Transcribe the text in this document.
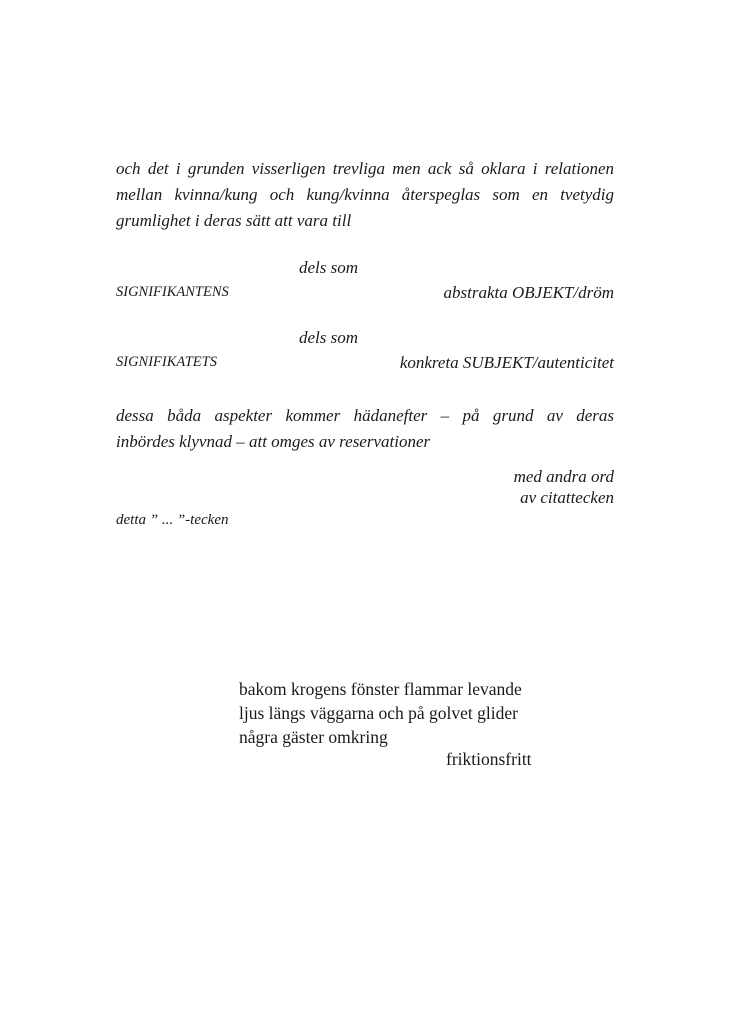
och det i grunden visserligen trevliga men ack så oklara i relationen
mellan kvinna/kung och kung/kvinna återspeglas som en tvetydig
grumlighet i deras sätt att vara till
dels som
SIGNIFIKANTENS	abstrakta OBJEKT/dröm
dels som
SIGNIFIKATETS	konkreta SUBJEKT/autenticitet
dessa båda aspekter kommer hädanefter – på grund av deras
inbördes klyvnad – att omges av reservationer
med andra ord
av citattecken
detta ” ... ”-tecken
bakom krogens fönster flammar levande
ljus längs väggarna och på golvet glider
några gäster omkring
friktionsfritt
